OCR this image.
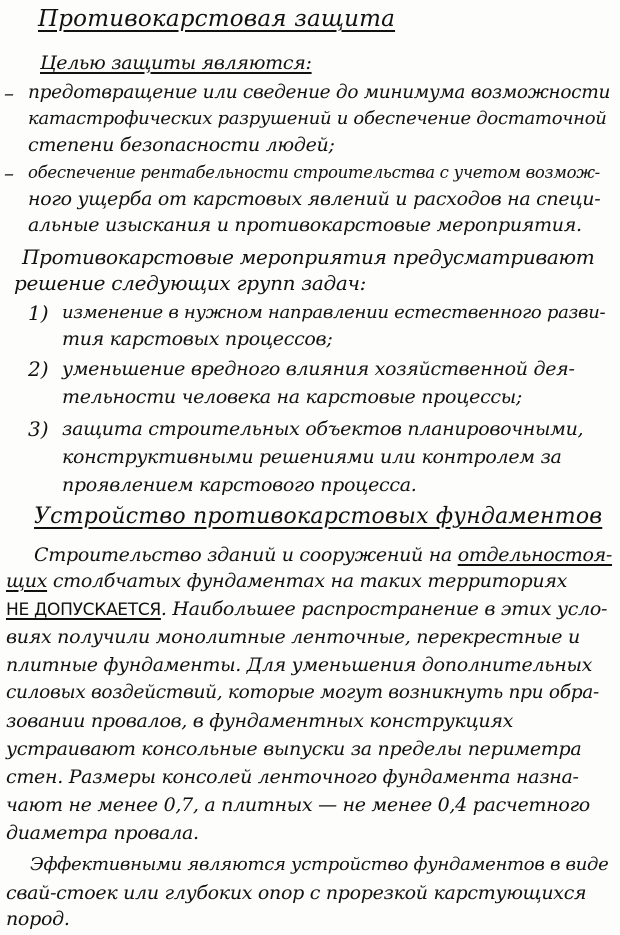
Противокарстовая защита
Целью защиты являются:
– предотвращение или сведение до минимума возможности
катастрофических разрушений и обеспечение достаточной
степени безопасности людей;
– обеспечение рентабельности строительства с учетом возмож-
ного ущерба от карстовых явлений и расходов на специ-
альные изыскания и противокарстовые мероприятия.
Противокарстовые мероприятия предусматривают
решение следующих групп задач:
1) изменение в нужном направлении естественного разви-
тия карстовых процессов;
2) уменьшение вредного влияния хозяйственной дея-
тельности человека на карстовые процессы;
3) защита строительных объектов планировочными,
конструктивными решениями или контролем за
проявлением карстового процесса.
Устройство противокарстовых фундаментов
Строительство зданий и сооружений на отдельностоя-
щих столбчатых фундаментах на таких территориях
НЕ ДОПУСКАЕТСЯ. Наибольшее распространение в этих усло-
виях получили монолитные ленточные, перекрестные и
плитные фундаменты. Для уменьшения дополнительных
силовых воздействий, которые могут возникнуть при обра-
зовании провалов, в фундаментных конструкциях
устраивают консольные выпуски за пределы периметра
стен. Размеры консолей ленточного фундамента назна-
чают не менее 0,7, а плитных — не менее 0,4 расчетного
диаметра провала.
Эффективными являются устройство фундаментов в виде
свай-стоек или глубоких опор с прорезкой карстующихся
пород.
